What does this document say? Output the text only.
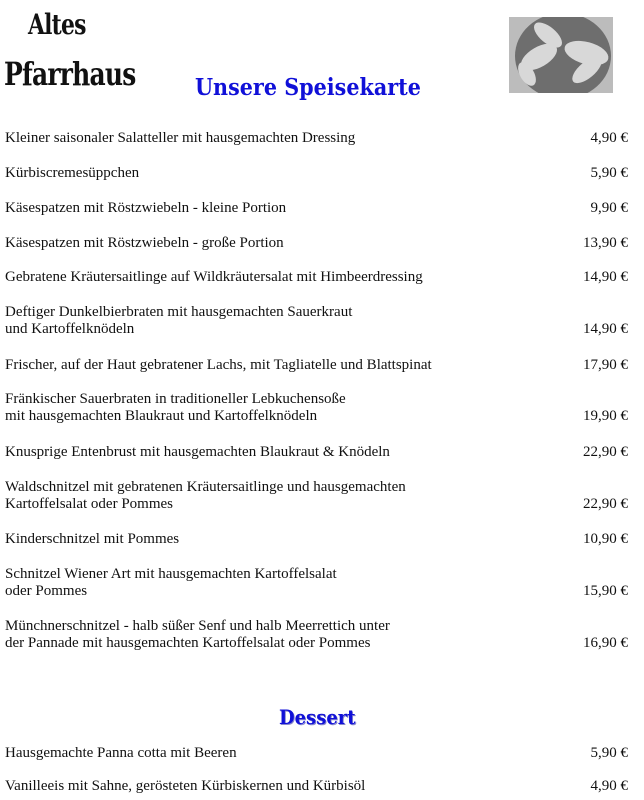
Altes
Pfarrhaus	Unsere Speisekarte
Kleiner saisonaler Salatteller mit hausgemachten Dressing	4,90 €
Kürbiscremesüppchen	5,90 €
Käsespatzen mit Röstzwiebeln - kleine Portion	9,90 €
Käsespatzen mit Röstzwiebeln - große Portion	13,90 €
Gebratene Kräutersaitlinge auf Wildkräutersalat mit Himbeerdressing	14,90 €
Deftiger Dunkelbierbraten mit hausgemachten Sauerkraut
und Kartoffelknödeln	14,90 €
Frischer, auf der Haut gebratener Lachs, mit Tagliatelle und Blattspinat	17,90 €
Fränkischer Sauerbraten in traditioneller Lebkuchensoße
mit hausgemachten Blaukraut und Kartoffelknödeln	19,90 €
Knusprige Entenbrust mit hausgemachten Blaukraut & Knödeln	22,90 €
Waldschnitzel mit gebratenen Kräutersaitlinge und hausgemachten
Kartoffelsalat oder Pommes	22,90 €
Kinderschnitzel mit Pommes	10,90 €
Schnitzel Wiener Art mit hausgemachten Kartoffelsalat
oder Pommes	15,90 €
Münchnerschnitzel - halb süßer Senf und halb Meerrettich unter
der Pannade mit hausgemachten Kartoffelsalat oder Pommes	16,90 €
Dessert
Hausgemachte Panna cotta mit Beeren	5,90 €
Vanilleeis mit Sahne, gerösteten Kürbiskernen und Kürbisöl	4,90 €
